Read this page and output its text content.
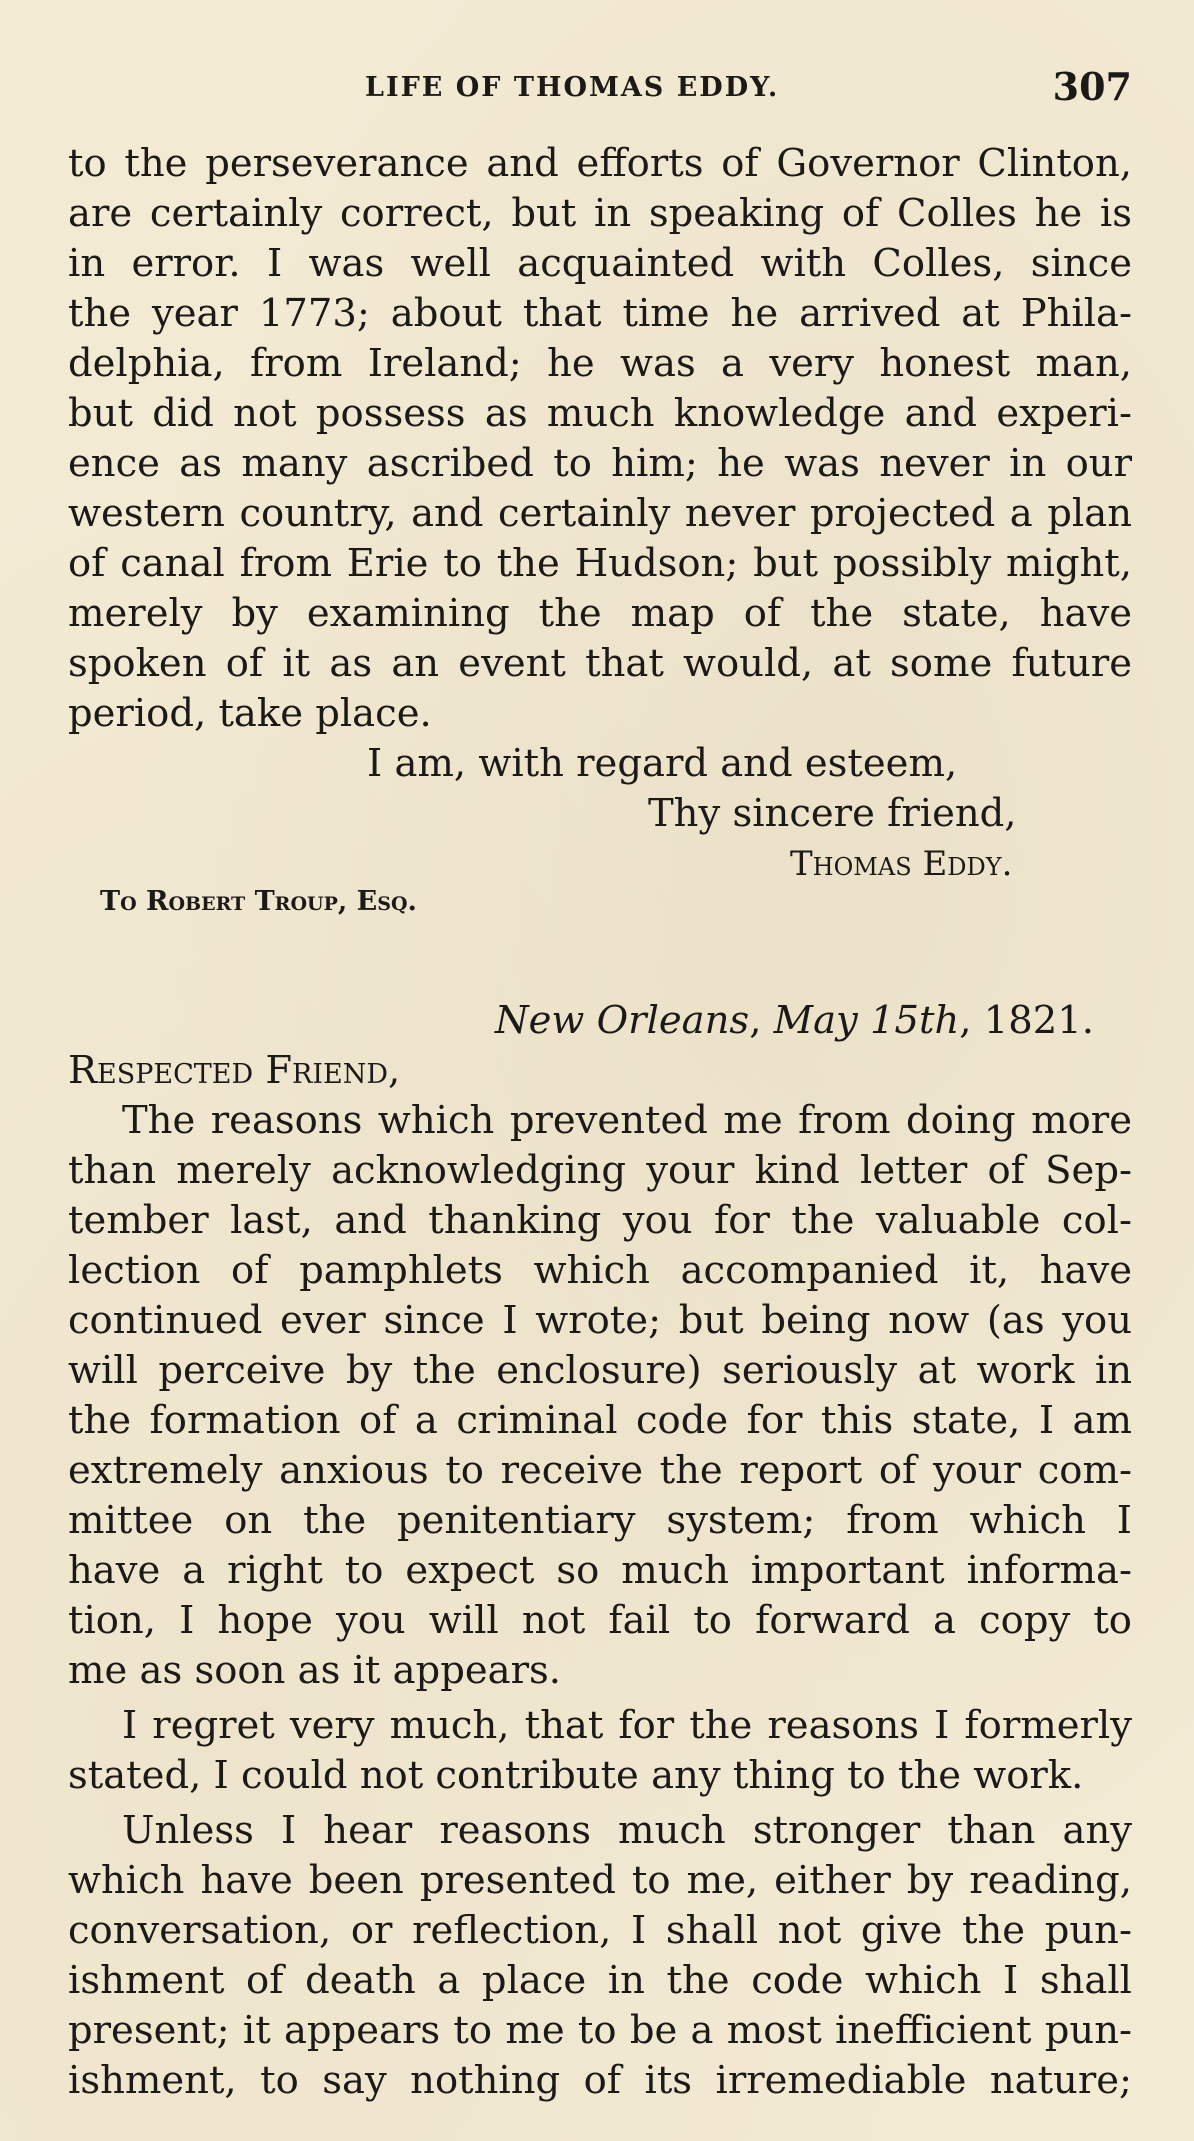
LIFE OF THOMAS EDDY.	307
to the perseverance and efforts of Governor Clinton,
are certainly correct, but in speaking of Colles he is
in error. I was well acquainted with Colles, since
the year 1773; about that time he arrived at Phila-
delphia, from Ireland; he was a very honest man,
but did not possess as much knowledge and experi-
ence as many ascribed to him; he was never in our
western country, and certainly never projected a plan
of canal from Erie to the Hudson; but possibly might,
merely by examining the map of the state, have
spoken of it as an event that would, at some future
period, take place.
I am, with regard and esteem,
Thy sincere friend,
Thomas Eddy.
To Robert Troup, Esq.
New Orleans, May 15th, 1821.
Respected Friend,
The reasons which prevented me from doing more
than merely acknowledging your kind letter of Sep-
tember last, and thanking you for the valuable col-
lection of pamphlets which accompanied it, have
continued ever since I wrote; but being now (as you
will perceive by the enclosure) seriously at work in
the formation of a criminal code for this state, I am
extremely anxious to receive the report of your com-
mittee on the penitentiary system; from which I
have a right to expect so much important informa-
tion, I hope you will not fail to forward a copy to
me as soon as it appears.
I regret very much, that for the reasons I formerly
stated, I could not contribute any thing to the work.
Unless I hear reasons much stronger than any
which have been presented to me, either by reading,
conversation, or reflection, I shall not give the pun-
ishment of death a place in the code which I shall
present; it appears to me to be a most inefficient pun-
ishment, to say nothing of its irremediable nature;
